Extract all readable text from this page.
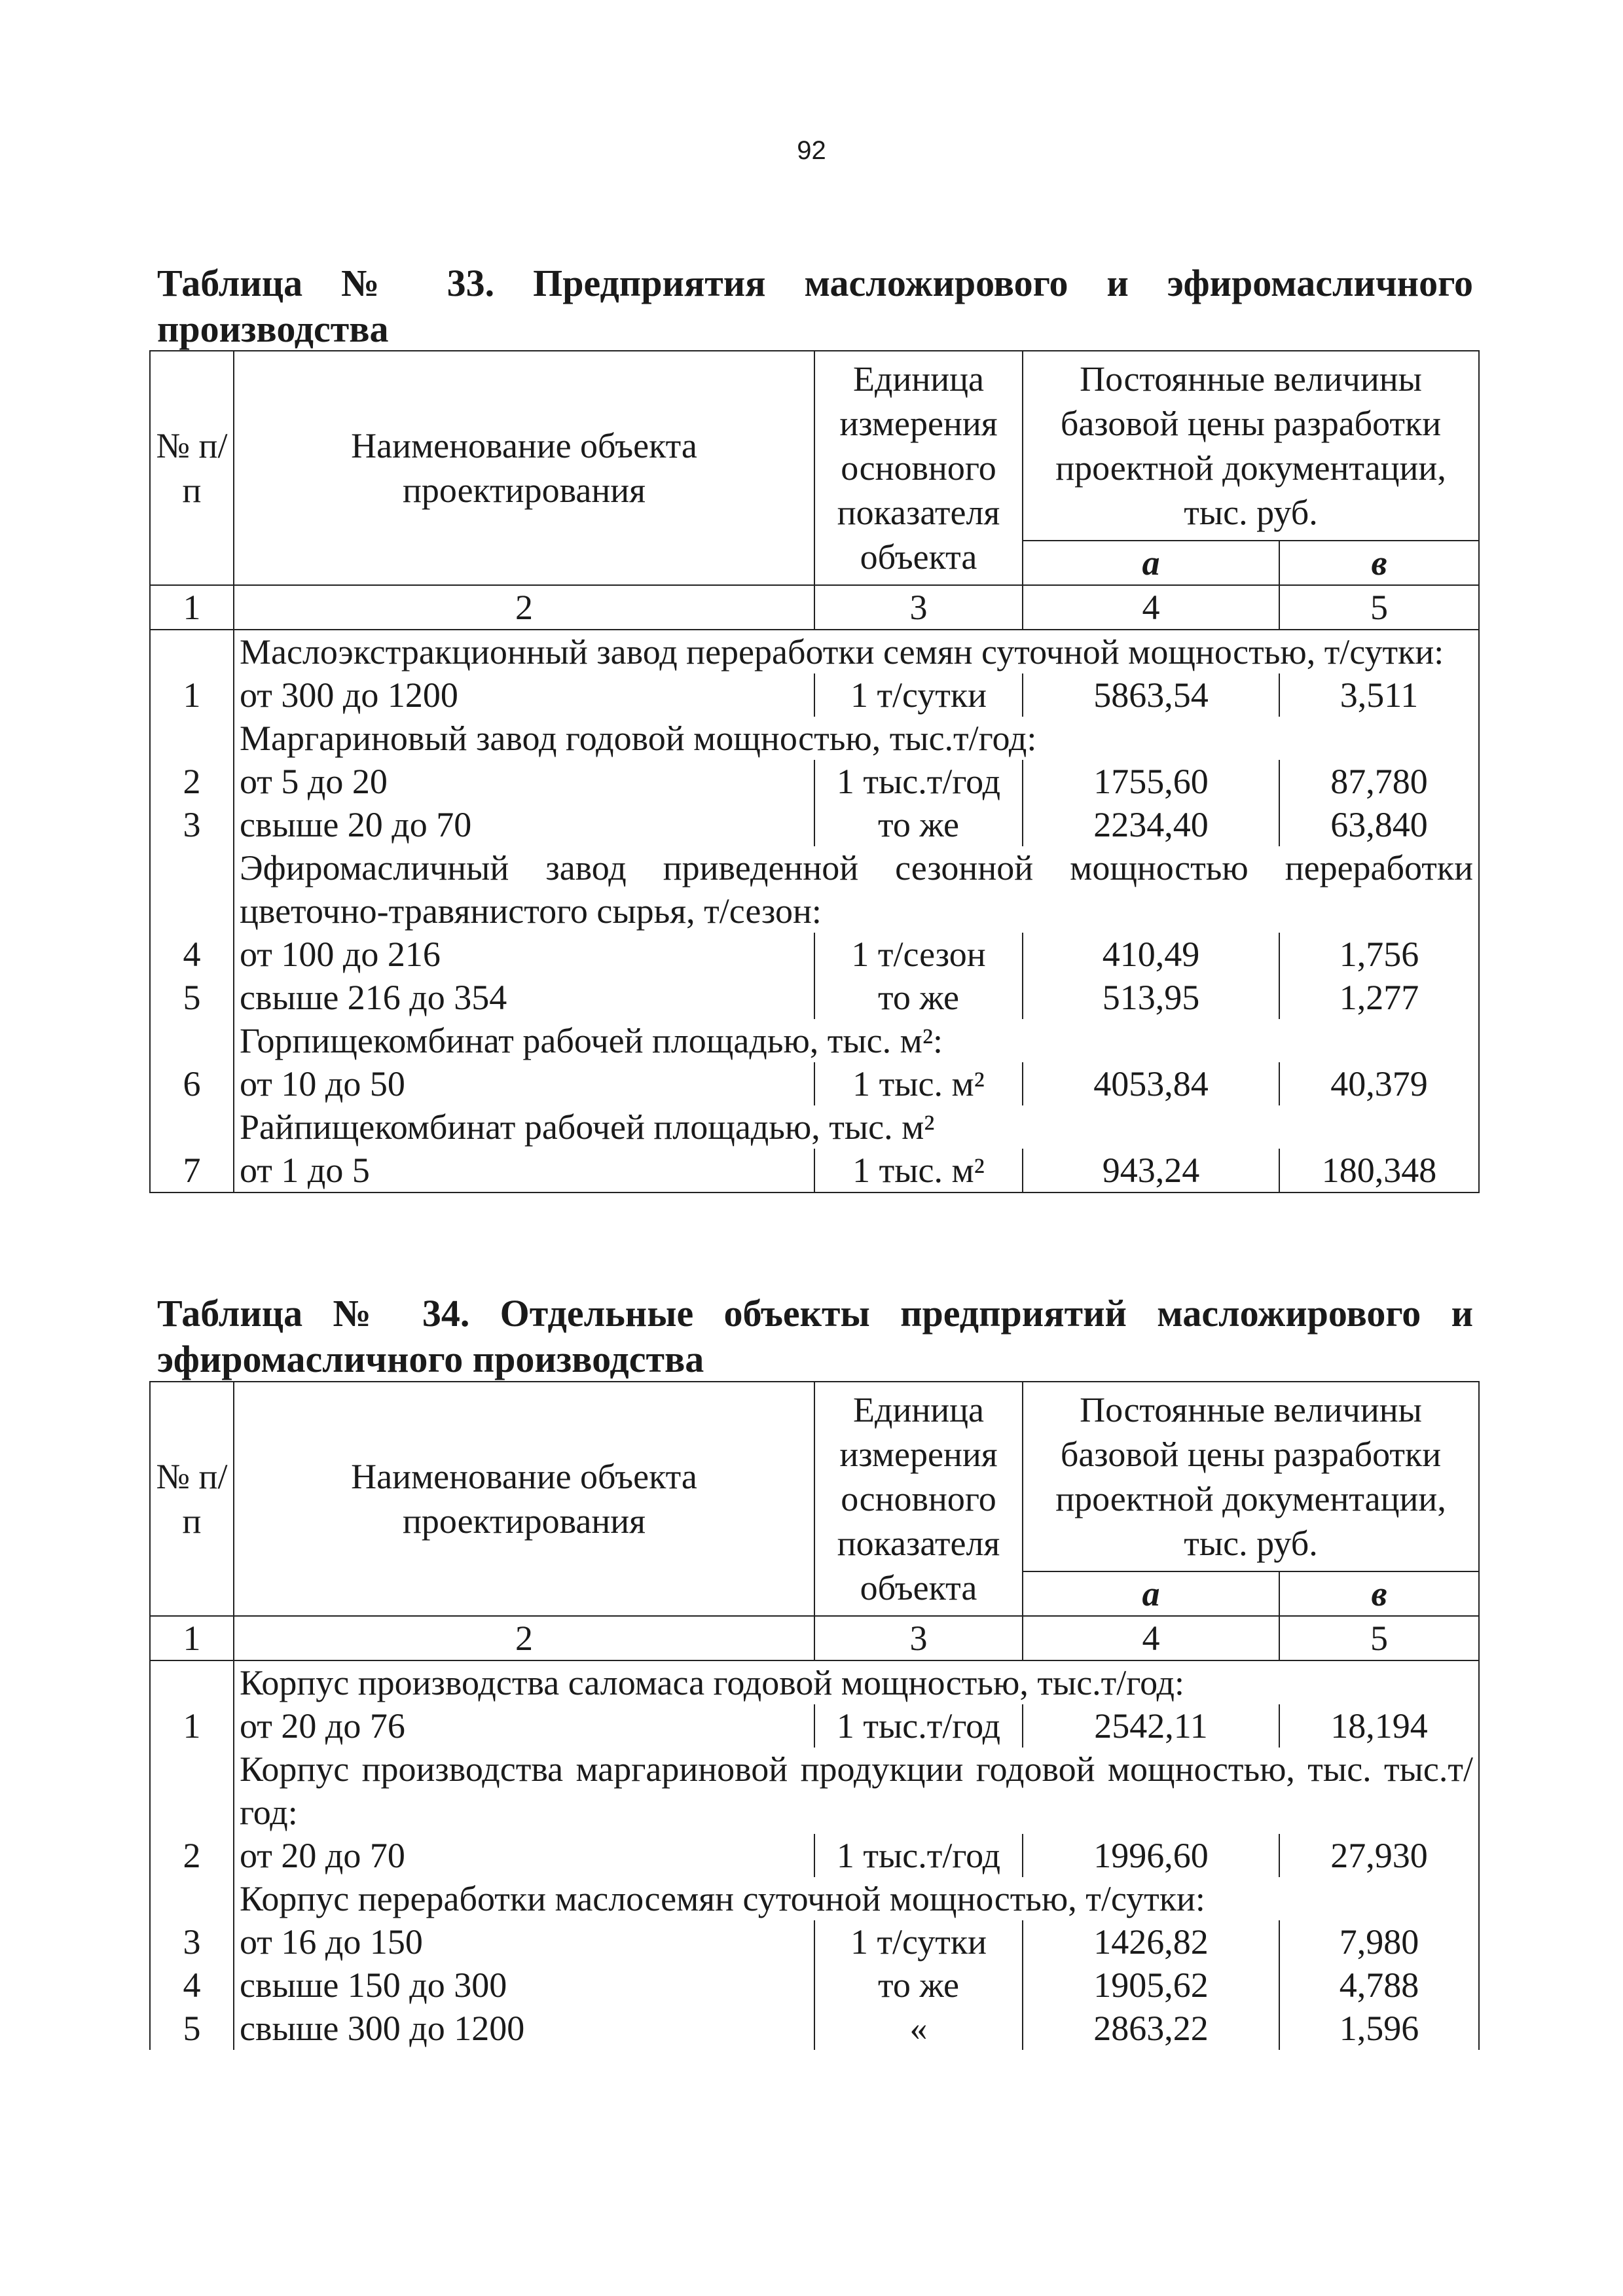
92
Таблица № 33. Предприятия масложирового и эфиромасличного производства
№ п/п	Наименование объекта проектирования	Единица измерения основного показателя объекта	Постоянные величины базовой цены разработки проектной документации, тыс. руб.	
			а	в
1	2	3	4	5
	Маслоэкстракционный завод переработки семян суточной мощностью, т/сутки:			
1	от 300 до 1200	1 т/сутки	5863,54	3,511
	Маргариновый завод годовой мощностью, тыс.т/год:			
2	от 5 до 20	1 тыс.т/год	1755,60	87,780
3	свыше 20 до 70	то же	2234,40	63,840
	Эфиромасличный завод приведенной сезонной мощностью переработки цветочно-травянистого сырья, т/сезон:			
4	от 100 до 216	1 т/сезон	410,49	1,756
5	свыше 216 до 354	то же	513,95	1,277
	Горпищекомбинат рабочей площадью, тыс. м²:			
6	от 10 до 50	1 тыс. м²	4053,84	40,379
	Райпищекомбинат рабочей площадью, тыс. м²			
7	от 1 до 5	1 тыс. м²	943,24	180,348
Таблица № 34. Отдельные объекты предприятий масложирового и эфиромасличного производства
№ п/п	Наименование объекта проектирования	Единица измерения основного показателя объекта	Постоянные величины базовой цены разработки проектной документации, тыс. руб.	
			а	в
1	2	3	4	5
	Корпус производства саломаса годовой мощностью, тыс.т/год:			
1	от 20 до 76	1 тыс.т/год	2542,11	18,194
	Корпус производства маргариновой продукции годовой мощностью, тыс. тыс.т/год:			
2	от 20 до 70	1 тыс.т/год	1996,60	27,930
	Корпус переработки маслосемян суточной мощностью, т/сутки:			
3	от 16 до 150	1 т/сутки	1426,82	7,980
4	свыше 150 до 300	то же	1905,62	4,788
5	свыше 300 до 1200	«	2863,22	1,596
